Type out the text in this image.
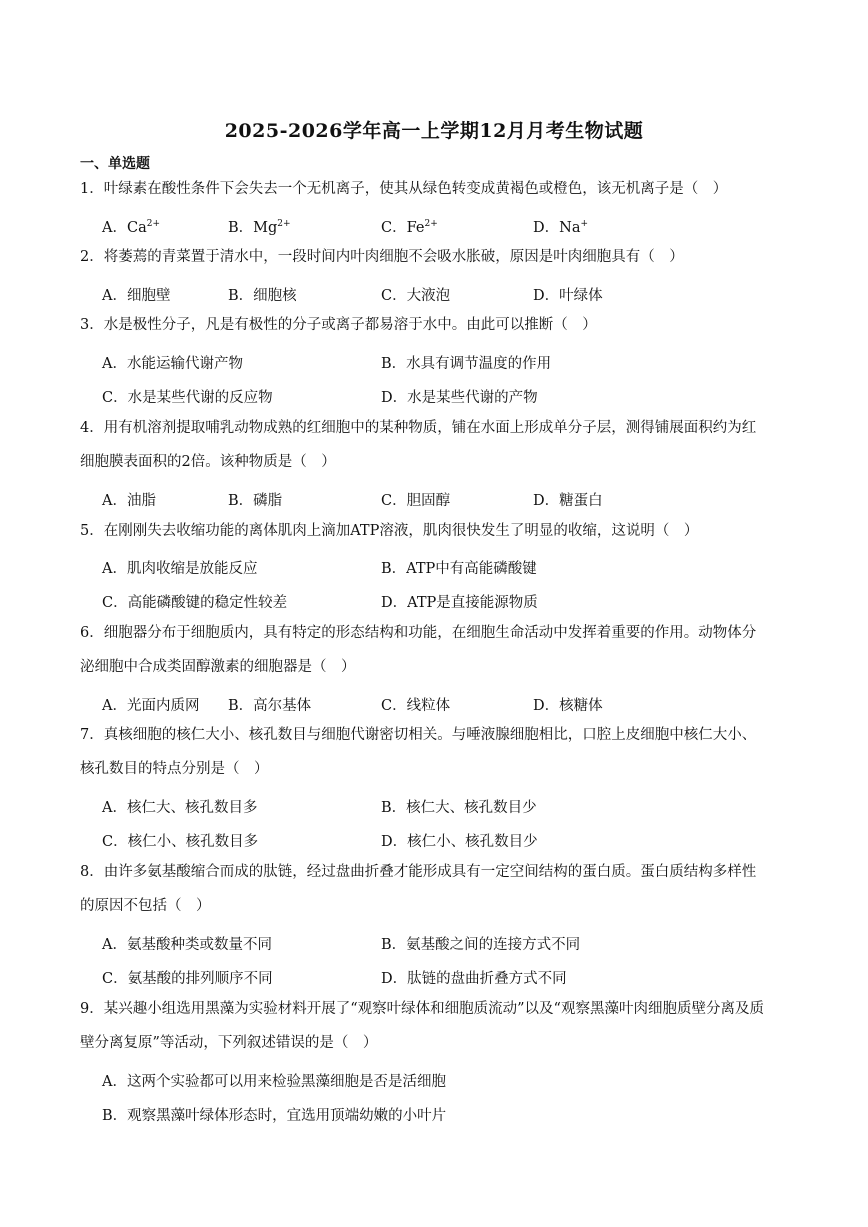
2025-2026学年高一上学期12月月考生物试题
一、单选题
1．叶绿素在酸性条件下会失去一个无机离子，使其从绿色转变成黄褐色或橙色，该无机离子是（　）
A．$Ca^{2+}$	B．$Mg^{2+}$	C．$Fe^{2+}$	D．Na+
2．将萎蔫的青菜置于清水中，一段时间内叶肉细胞不会吸水胀破，原因是叶肉细胞具有（　）
A．细胞壁	B．细胞核	C．大液泡	D．叶绿体
3．水是极性分子，凡是有极性的分子或离子都易溶于水中。由此可以推断（　）
A．水能运输代谢产物	B．水具有调节温度的作用
C．水是某些代谢的反应物	D．水是某些代谢的产物
4．用有机溶剂提取哺乳动物成熟的红细胞中的某种物质，铺在水面上形成单分子层，测得铺展面积约为红
细胞膜表面积的2倍。该种物质是（　）
A．油脂	B．磷脂	C．胆固醇	D．糖蛋白
5．在刚刚失去收缩功能的离体肌肉上滴加ATP溶液，肌肉很快发生了明显的收缩，这说明（　）
A．肌肉收缩是放能反应	B．ATP中有高能磷酸键
C．高能磷酸键的稳定性较差	D．ATP是直接能源物质
6．细胞器分布于细胞质内，具有特定的形态结构和功能，在细胞生命活动中发挥着重要的作用。动物体分
泌细胞中合成类固醇激素的细胞器是（　）
A．光面内质网 B．高尔基体	C．线粒体	D．核糖体
7．真核细胞的核仁大小、核孔数目与细胞代谢密切相关。与唾液腺细胞相比，口腔上皮细胞中核仁大小、
核孔数目的特点分别是（　）
A．核仁大、核孔数目多	B．核仁大、核孔数目少
C．核仁小、核孔数目多	D．核仁小、核孔数目少
8．由许多氨基酸缩合而成的肽链，经过盘曲折叠才能形成具有一定空间结构的蛋白质。蛋白质结构多样性
的原因不包括（　）
A．氨基酸种类或数量不同	B．氨基酸之间的连接方式不同
C．氨基酸的排列顺序不同	D．肽链的盘曲折叠方式不同
9．某兴趣小组选用黑藻为实验材料开展了“观察叶绿体和细胞质流动”以及“观察黑藻叶肉细胞质壁分离及质
壁分离复原”等活动，下列叙述错误的是（　）
A．这两个实验都可以用来检验黑藻细胞是否是活细胞
B．观察黑藻叶绿体形态时，宜选用顶端幼嫩的小叶片
